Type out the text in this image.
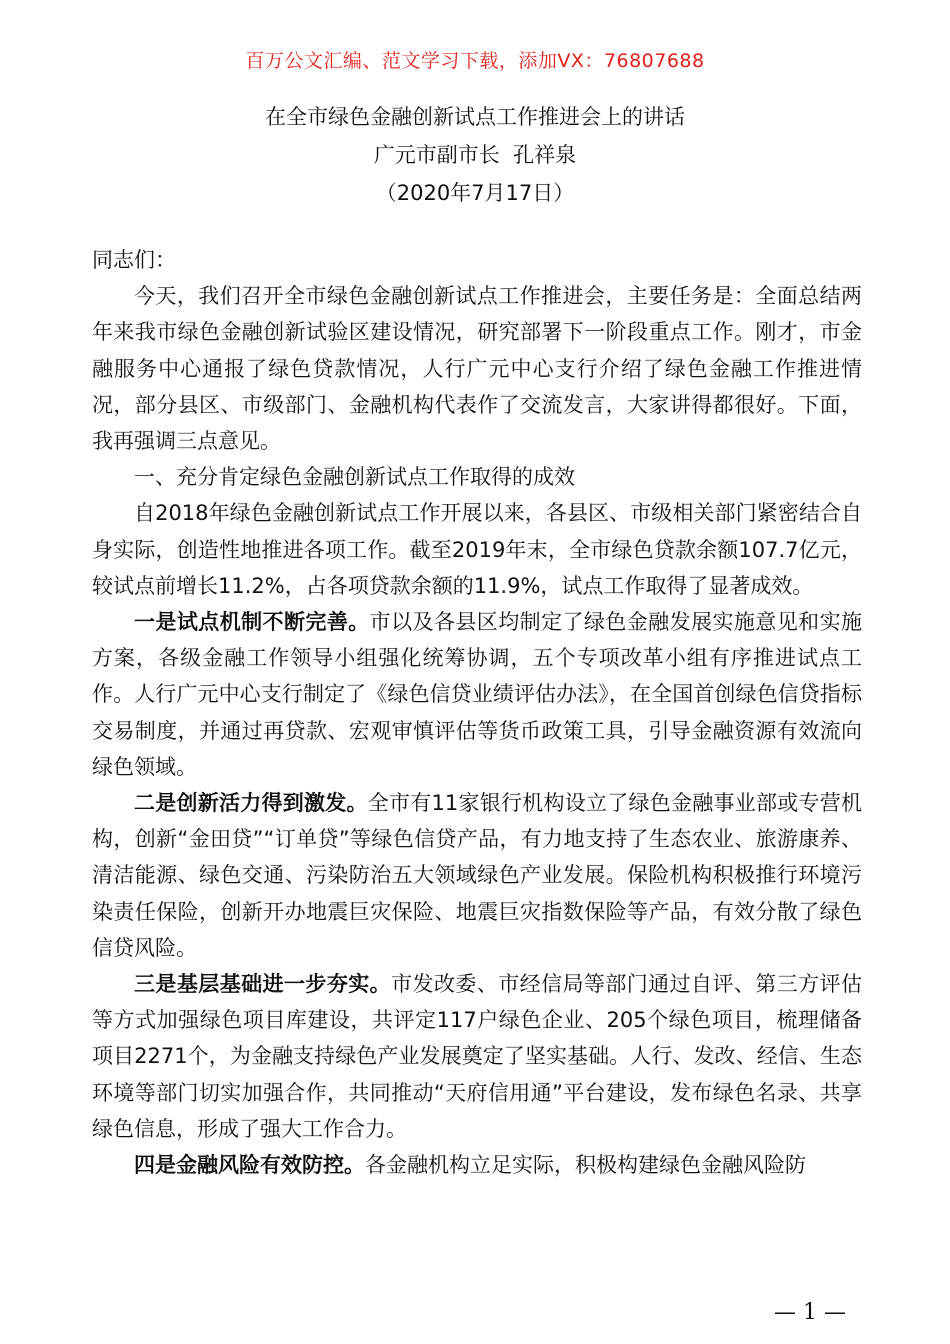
百万公文汇编、范文学习下载，添加VX：76807688
在全市绿色金融创新试点工作推进会上的讲话
广元市副市长  孔祥泉
（2020年7月17日）

同志们：

今天，我们召开全市绿色金融创新试点工作推进会，主要任务是：全面总结两年来我市绿色金融创新试验区建设情况，研究部署下一阶段重点工作。刚才，市金融服务中心通报了绿色贷款情况，人行广元中心支行介绍了绿色金融工作推进情况，部分县区、市级部门、金融机构代表作了交流发言，大家讲得都很好。下面，我再强调三点意见。

一、充分肯定绿色金融创新试点工作取得的成效

自2018年绿色金融创新试点工作开展以来，各县区、市级相关部门紧密结合自身实际，创造性地推进各项工作。截至2019年末，全市绿色贷款余额107.7亿元，较试点前增长11.2%，占各项贷款余额的11.9%，试点工作取得了显著成效。

一是试点机制不断完善。市以及各县区均制定了绿色金融发展实施意见和实施方案，各级金融工作领导小组强化统筹协调，五个专项改革小组有序推进试点工作。人行广元中心支行制定了《绿色信贷业绩评估办法》，在全国首创绿色信贷指标交易制度，并通过再贷款、宏观审慎评估等货币政策工具，引导金融资源有效流向绿色领域。

二是创新活力得到激发。全市有11家银行机构设立了绿色金融事业部或专营机构，创新“金田贷”“订单贷”等绿色信贷产品，有力地支持了生态农业、旅游康养、清洁能源、绿色交通、污染防治五大领域绿色产业发展。保险机构积极推行环境污染责任保险，创新开办地震巨灾保险、地震巨灾指数保险等产品，有效分散了绿色信贷风险。

三是基层基础进一步夯实。市发改委、市经信局等部门通过自评、第三方评估等方式加强绿色项目库建设，共评定117户绿色企业、205个绿色项目，梳理储备项目2271个，为金融支持绿色产业发展奠定了坚实基础。人行、发改、经信、生态环境等部门切实加强合作，共同推动“天府信用通”平台建设，发布绿色名录、共享绿色信息，形成了强大工作合力。

四是金融风险有效防控。各金融机构立足实际，积极构建绿色金融风险防

— 1 —
